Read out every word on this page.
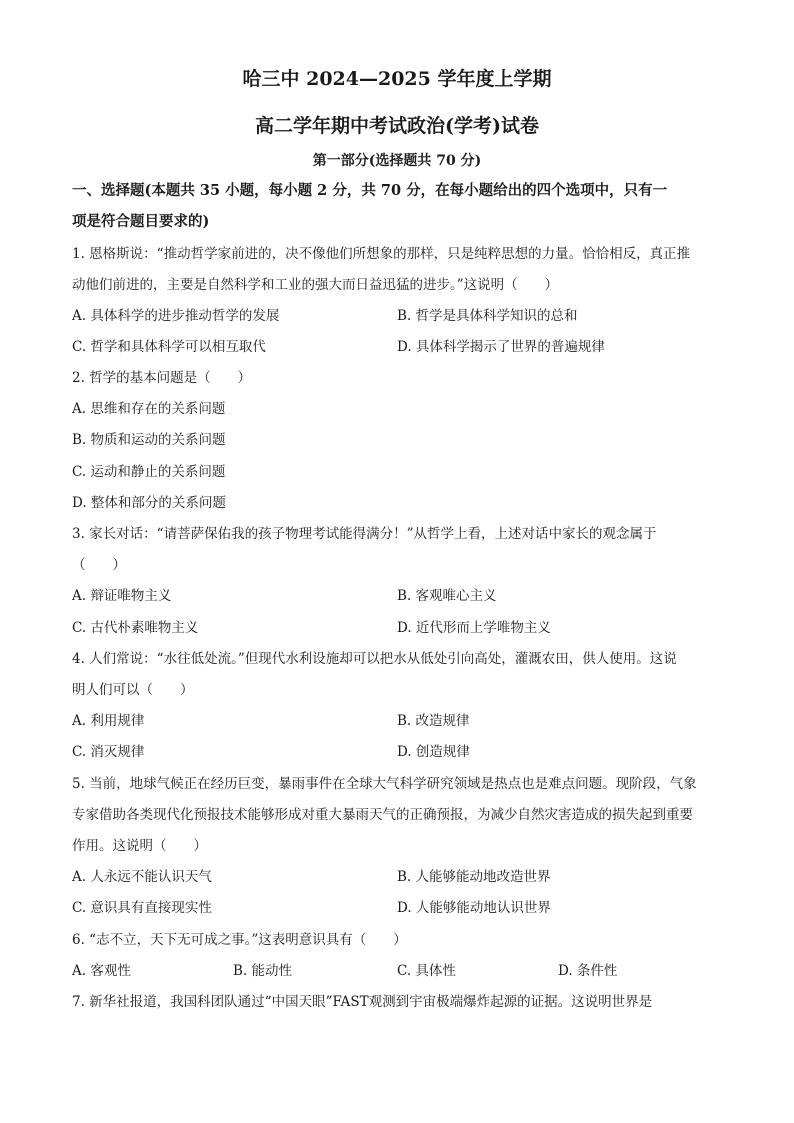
哈三中 2024—2025 学年度上学期
高二学年期中考试政治(学考)试卷
第一部分(选择题共 70 分)
一、选择题(本题共 35 小题，每小题 2 分，共 70 分，在每小题给出的四个选项中，只有一
项是符合题目要求的)
1. 恩格斯说：“推动哲学家前进的，决不像他们所想象的那样，只是纯粹思想的力量。恰恰相反，真正推
动他们前进的，主要是自然科学和工业的强大而日益迅猛的进步。”这说明（　　）
A. 具体科学的进步推动哲学的发展	B. 哲学是具体科学知识的总和
C. 哲学和具体科学可以相互取代	D. 具体科学揭示了世界的普遍规律
2. 哲学的基本问题是（　　）
A. 思维和存在的关系问题
B. 物质和运动的关系问题
C. 运动和静止的关系问题
D. 整体和部分的关系问题
3. 家长对话：“请菩萨保佑我的孩子物理考试能得满分！”从哲学上看，上述对话中家长的观念属于
（　　）
A. 辩证唯物主义	B. 客观唯心主义
C. 古代朴素唯物主义	D. 近代形而上学唯物主义
4. 人们常说：“水往低处流。”但现代水利设施却可以把水从低处引向高处，灌溉农田，供人使用。这说
明人们可以（　　）
A. 利用规律	B. 改造规律
C. 消灭规律	D. 创造规律
5. 当前，地球气候正在经历巨变，暴雨事件在全球大气科学研究领域是热点也是难点问题。现阶段，气象
专家借助各类现代化预报技术能够形成对重大暴雨天气的正确预报，为减少自然灾害造成的损失起到重要
作用。这说明（　　）
A. 人永远不能认识天气	B. 人能够能动地改造世界
C. 意识具有直接现实性	D. 人能够能动地认识世界
6. “志不立，天下无可成之事。”这表明意识具有（　　）
A. 客观性	B. 能动性	C. 具体性	D. 条件性
7. 新华社报道，我国科团队通过“中国天眼”FAST观测到宇宙极端爆炸起源的证据。这说明世界是
